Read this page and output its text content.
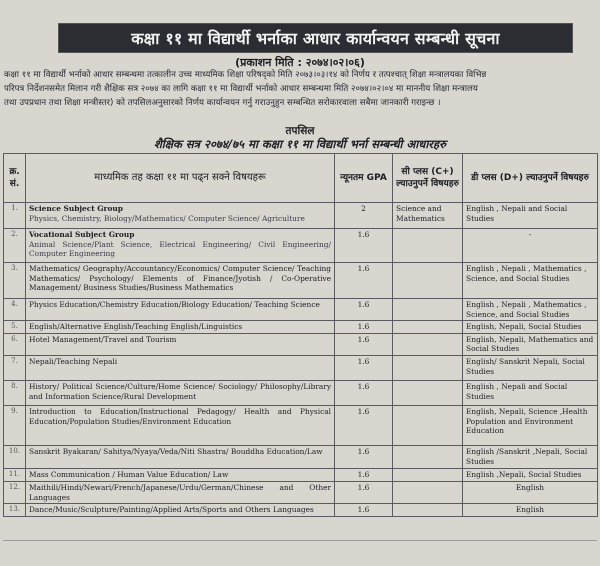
कक्षा ११ मा विद्यार्थी भर्नाका आधार कार्यान्वयन सम्बन्धी सूचना
(प्रकाशन मिति : २०७४।०२।०६)
कक्षा ११ मा विद्यार्थी भर्नाको आधार सम्बन्धमा तत्कालीन उच्च माध्यमिक शिक्षा परिषद्को मिति २०७३।०३।१४ को निर्णय र तत्पश्चात् शिक्षा मन्त्रालयका विभिन्न
परिपत्र निर्देशनसमेत मिलान गरी शैक्षिक सत्र २०७४ का लागि कक्षा ११ मा विद्यार्थी भर्नाको आधार सम्बन्धमा मिति २०७४।०२।०४ मा माननीय शिक्षा मन्त्रालय
तथा उपप्रधान तथा शिक्षा मन्त्रीस्तर) को तपसिलअनुसारको निर्णय कार्यान्वयन गर्नु गराउनुहुन सम्बन्धित सरोकारवाला सबैमा जानकारी गराइन्छ ।
तपसिल
शैक्षिक सत्र २०७४/७५ मा कक्षा ११ मा विद्यार्थी भर्ना सम्बन्धी आधारहरु
क्र. सं.	माध्यमिक तह कक्षा ११ मा पढ्न सक्ने विषयहरू	न्यूनतम GPA	सी प्लस (C+) ल्याउनुपर्ने विषयहरु	डी प्लस (D+) ल्याउनुपर्ने विषयहरु
1.	Science Subject Group
Physics, Chemistry, Biology/Mathematics/ Computer Science/ Agriculture	2	Science and Mathematics	English , Nepali and Social Studies
2.	Vocational Subject Group
Animal Science/Plant Science, Electrical Engineering/ Civil Engineering/ Computer Engineering	1.6		-
3.	Mathematics/ Geography/Accountancy/Economics/ Computer Science/ Teaching Mathematics/ Psychology/ Elements of Finance/Jyotish / Co-Operative Management/ Business Studies/Business Mathematics	1.6		English , Nepali , Mathematics , Science, and Social Studies
4.	Physics Education/Chemistry Education/Biology Education/ Teaching Science	1.6		English , Nepali , Mathematics , Science, and Social Studies
5.	English/Alternative English/Teaching English/Linguistics	1.6		English, Nepali, Social Studies
6.	Hotel Management/Travel and Tourism	1.6		English, Nepali, Mathematics and Social Studies
7.	Nepali/Teaching Nepali	1.6		English/ Sanskrit Nepali, Social Studies
8.	History/ Political Science/Culture/Home Science/ Sociology/ Philosophy/Library and Information Science/Rural Development	1.6		English , Nepali and Social Studies
9.	Introduction to Education/Instructional Pedagogy/ Health and Physical Education/Population Studies/Environment Education	1.6		English, Nepali, Science ,Health Population and Environment Education
10.	Sanskrit Byakaran/ Sahitya/Nyaya/Veda/Niti Shastra/ Bouddha Education/Law	1.6		English /Sanskrit ,Nepali, Social Studies
11.	Mass Communication / Human Value Education/ Law	1.6		English ,Nepali, Social Studies
12.	Maithili/Hindi/Newari/French/Japanese/Urdu/German/Chinese and Other Languages	1.6		English
13.	Dance/Music/Sculpture/Painting/Applied Arts/Sports and Others Languages	1.6		English
